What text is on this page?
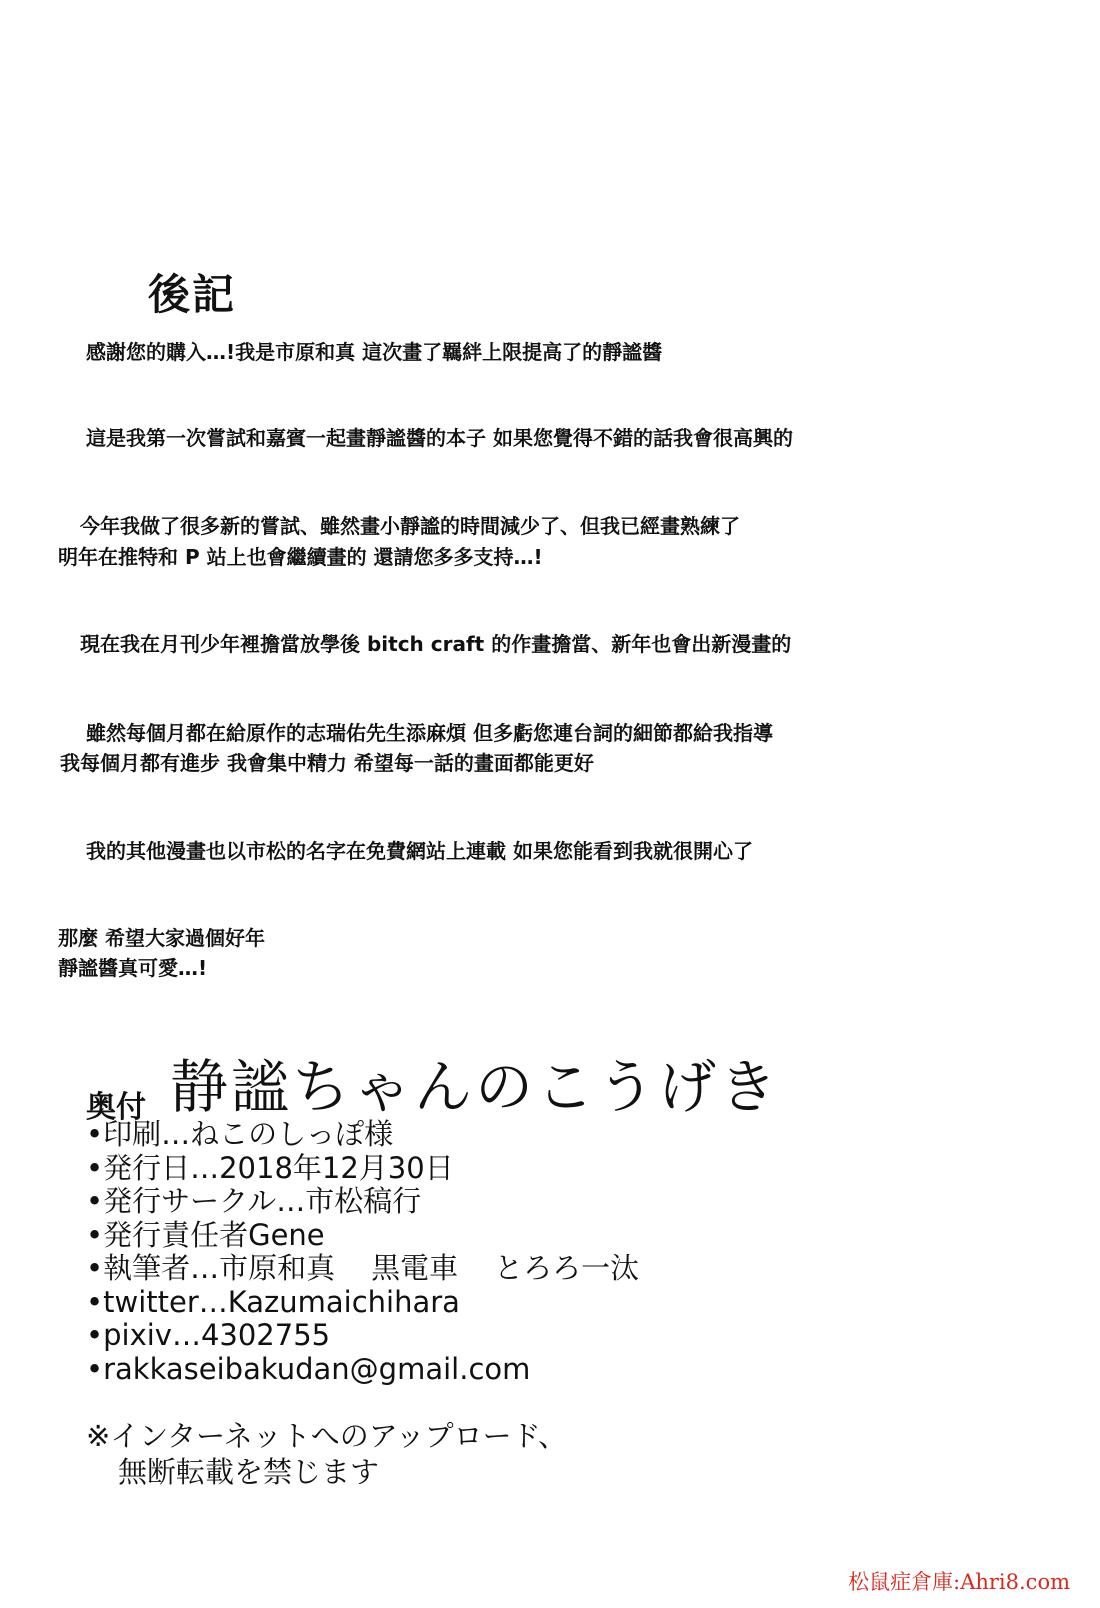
後記
感謝您的購入…!我是市原和真 這次畫了羈絆上限提高了的靜謐醬
這是我第一次嘗試和嘉賓一起畫靜謐醬的本子 如果您覺得不錯的話我會很高興的
今年我做了很多新的嘗試、雖然畫小靜謐的時間減少了、但我已經畫熟練了
明年在推特和 P 站上也會繼續畫的 還請您多多支持…!
現在我在月刊少年裡擔當放學後 bitch craft 的作畫擔當、新年也會出新漫畫的
雖然每個月都在給原作的志瑞佑先生添麻煩 但多虧您連台詞的細節都給我指導
我每個月都有進步 我會集中精力 希望每一話的畫面都能更好
我的其他漫畫也以市松的名字在免費網站上連載 如果您能看到我就很開心了
那麼 希望大家過個好年
靜謐醬真可愛…!
奥付 静謐ちゃんのこうげき
•印刷…ねこのしっぽ様
•発行日…2018年12月30日
•発行サークル…市松稿行
•発行責任者Gene
•執筆者…市原和真 黒電車 とろろ一汰
•twitter…Kazumaichihara
•pixiv…4302755
•rakkaseibakudan@gmail.com
※インターネットへのアップロード、
無断転載を禁じます
松鼠症倉庫:Ahri8.com
